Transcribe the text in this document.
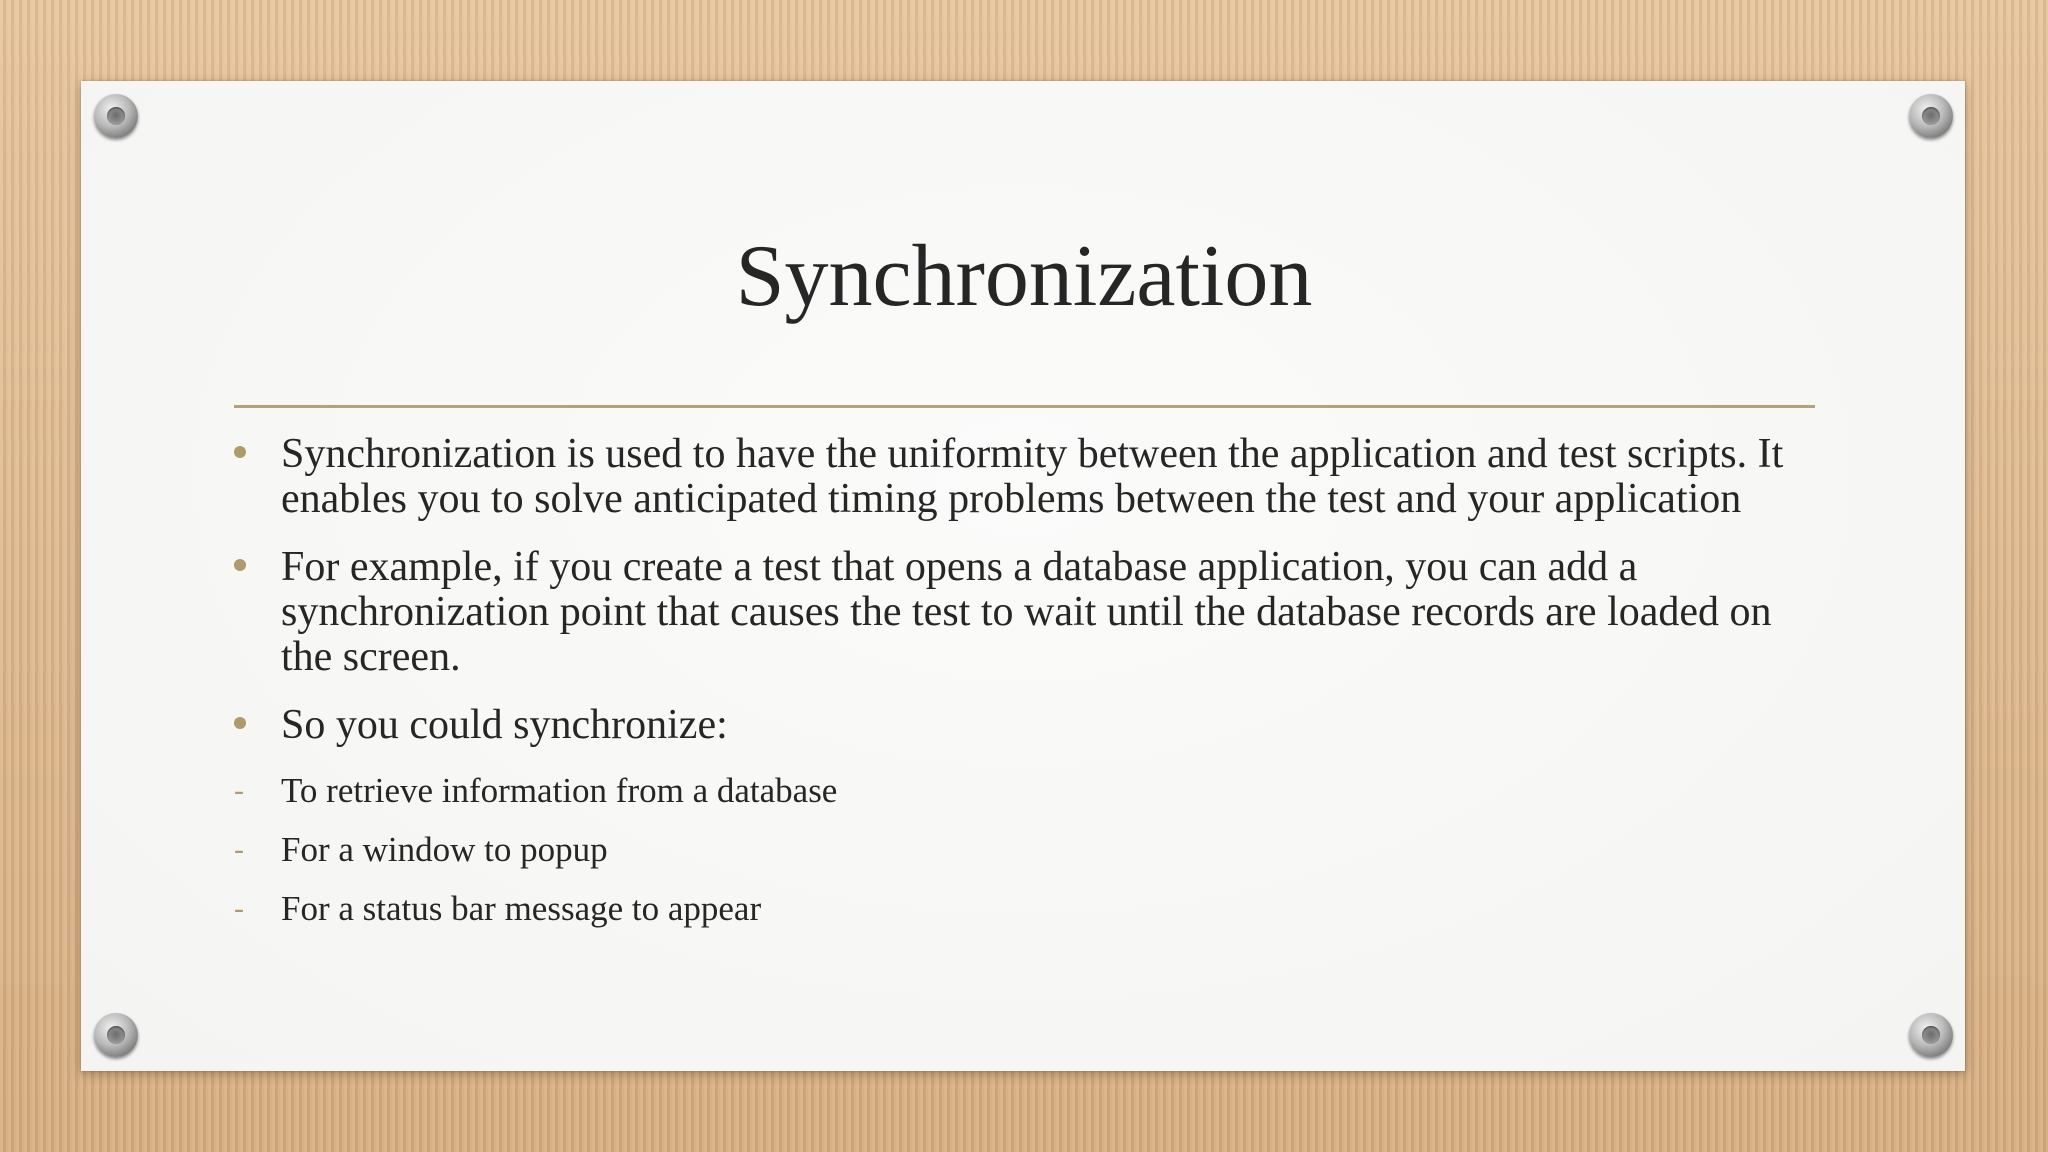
Synchronization
Synchronization is used to have the uniformity between the application and test scripts. It enables you to solve anticipated timing problems between the test and your application
For example, if you create a test that opens a database application, you can add a synchronization point that causes the test to wait until the database records are loaded on the screen.
So you could synchronize:
- To retrieve information from a database
- For a window to popup
- For a status bar message to appear
